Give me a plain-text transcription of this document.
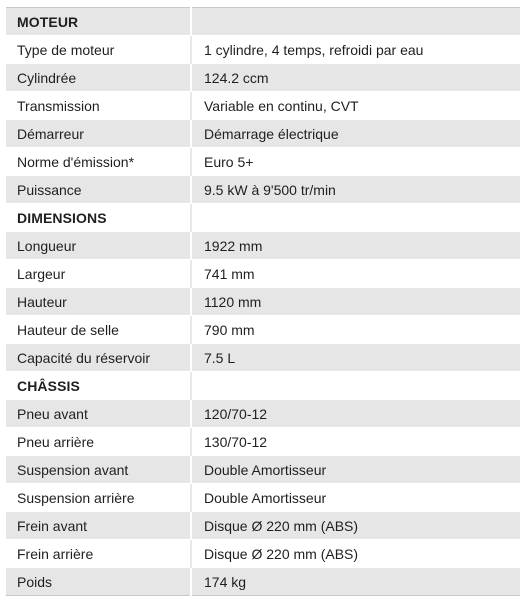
MOTEUR	
Type de moteur	1 cylindre, 4 temps, refroidi par eau
Cylindrée	124.2 ccm
Transmission	Variable en continu, CVT
Démarreur	Démarrage électrique
Norme d'émission*	Euro 5+
Puissance	9.5 kW à 9'500 tr/min
DIMENSIONS	
Longueur	1922 mm
Largeur	741 mm
Hauteur	1120 mm
Hauteur de selle	790 mm
Capacité du réservoir	7.5 L
CHÂSSIS	
Pneu avant	120/70-12
Pneu arrière	130/70-12
Suspension avant	Double Amortisseur
Suspension arrière	Double Amortisseur
Frein avant	Disque Ø 220 mm (ABS)
Frein arrière	Disque Ø 220 mm (ABS)
Poids	174 kg
